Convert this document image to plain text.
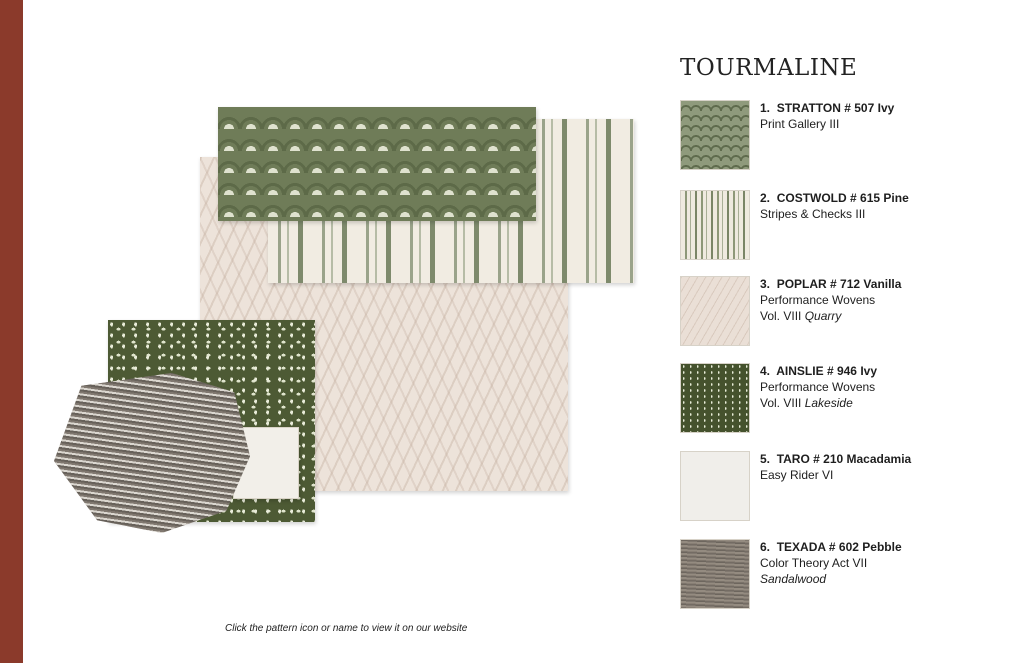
Click the pattern icon or name to view it on our website
TOURMALINE
1. STRATTON # 507 Ivy
Print Gallery III
2. COSTWOLD # 615 Pine
Stripes & Checks III
3. POPLAR # 712 Vanilla
Performance Wovens
Vol. VIII Quarry
4. AINSLIE # 946 Ivy
Performance Wovens
Vol. VIII Lakeside
5. TARO # 210 Macadamia
Easy Rider VI
6. TEXADA # 602 Pebble
Color Theory Act VII
Sandalwood
